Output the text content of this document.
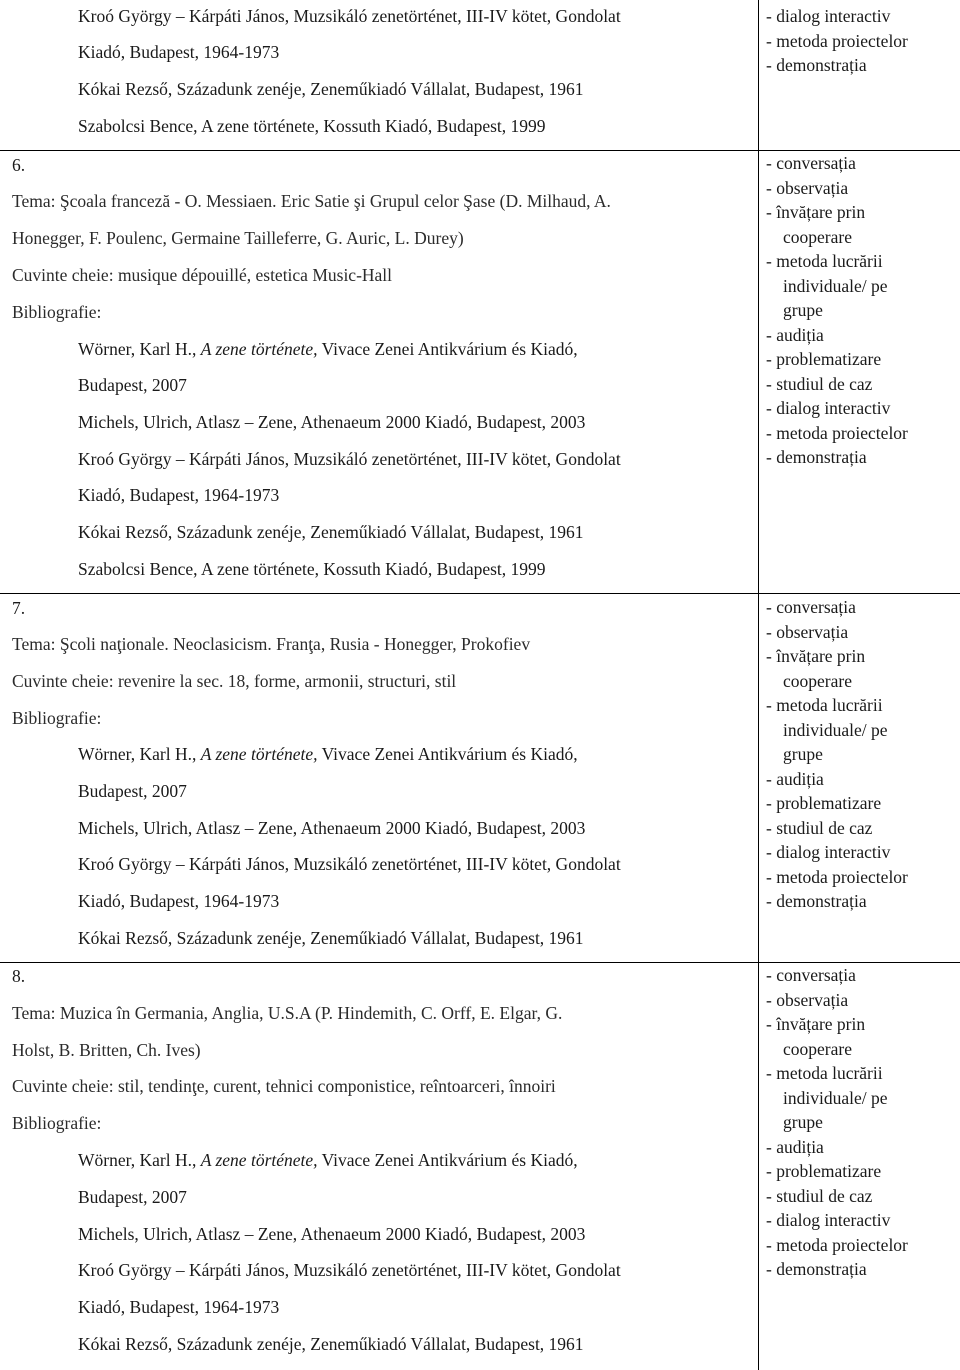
Kroó György – Kárpáti János, Muzsikáló zenetörténet, III-IV kötet, Gondolat
Kiadó, Budapest, 1964-1973
Kókai Rezső, Századunk zenéje, Zeneműkiadó Vállalat, Budapest, 1961
Szabolcsi Bence, A zene története, Kossuth Kiadó, Budapest, 1999
6.
Tema: Şcoala franceză - O. Messiaen. Eric Satie şi Grupul celor Şase (D. Milhaud, A.
Honegger, F. Poulenc, Germaine Tailleferre, G. Auric, L. Durey)
Cuvinte cheie: musique dépouillé, estetica Music-Hall
Bibliografie:
Wörner, Karl H., A zene története, Vivace Zenei Antikvárium és Kiadó,
Budapest, 2007
Michels, Ulrich, Atlasz – Zene, Athenaeum 2000 Kiadó, Budapest, 2003
Kroó György – Kárpáti János, Muzsikáló zenetörténet, III-IV kötet, Gondolat
Kiadó, Budapest, 1964-1973
Kókai Rezső, Századunk zenéje, Zeneműkiadó Vállalat, Budapest, 1961
Szabolcsi Bence, A zene története, Kossuth Kiadó, Budapest, 1999
7.
Tema: Şcoli naţionale. Neoclasicism. Franţa, Rusia - Honegger, Prokofiev
Cuvinte cheie: revenire la sec. 18, forme, armonii, structuri, stil
Bibliografie:
Wörner, Karl H., A zene története, Vivace Zenei Antikvárium és Kiadó,
Budapest, 2007
Michels, Ulrich, Atlasz – Zene, Athenaeum 2000 Kiadó, Budapest, 2003
Kroó György – Kárpáti János, Muzsikáló zenetörténet, III-IV kötet, Gondolat
Kiadó, Budapest, 1964-1973
Kókai Rezső, Századunk zenéje, Zeneműkiadó Vállalat, Budapest, 1961
8.
Tema: Muzica în Germania, Anglia, U.S.A (P. Hindemith, C. Orff, E. Elgar, G.
Holst, B. Britten, Ch. Ives)
Cuvinte cheie: stil, tendinţe, curent, tehnici componistice, reîntoarceri, înnoiri
Bibliografie:
Wörner, Karl H., A zene története, Vivace Zenei Antikvárium és Kiadó,
Budapest, 2007
Michels, Ulrich, Atlasz – Zene, Athenaeum 2000 Kiadó, Budapest, 2003
Kroó György – Kárpáti János, Muzsikáló zenetörténet, III-IV kötet, Gondolat
Kiadó, Budapest, 1964-1973
Kókai Rezső, Századunk zenéje, Zeneműkiadó Vállalat, Budapest, 1961
- dialog interactiv
- metoda proiectelor
- demonstrația
- conversația
- observația
- învățare prin
cooperare
- metoda lucrării
individuale/ pe
grupe
- audiția
- problematizare
- studiul de caz
- dialog interactiv
- metoda proiectelor
- demonstrația
- conversația
- observația
- învățare prin
cooperare
- metoda lucrării
individuale/ pe
grupe
- audiția
- problematizare
- studiul de caz
- dialog interactiv
- metoda proiectelor
- demonstrația
- conversația
- observația
- învățare prin
cooperare
- metoda lucrării
individuale/ pe
grupe
- audiția
- problematizare
- studiul de caz
- dialog interactiv
- metoda proiectelor
- demonstrația
